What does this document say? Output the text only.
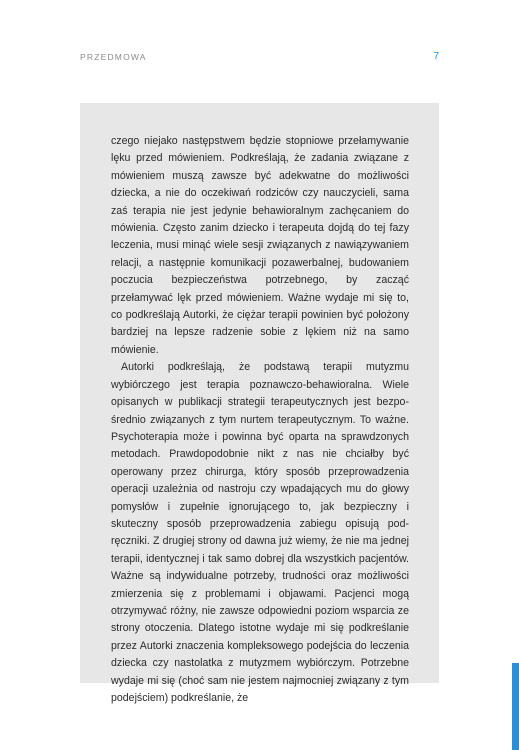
PRZEDMOWA	7

czego niejako następstwem będzie stopniowe przełamywanie lęku przed mówieniem. Podkreślają, że zadania związane z mówieniem muszą zawsze być adekwatne do możliwości dziecka, a nie do oczekiwań rodziców czy nauczycieli, sama zaś terapia nie jest jedynie behawioralnym zachęcaniem do mówienia. Często zanim dziecko i terapeuta dojdą do tej fazy leczenia, musi minąć wiele sesji związanych z nawiązywaniem relacji, a następnie komunikacji pozawerbalnej, budowaniem poczucia bezpieczeństwa potrzebnego, by zacząć przełamywać lęk przed mówieniem. Ważne wydaje mi się to, co podkreślają Autorki, że ciężar terapii powinien być położony bardziej na lepsze radzenie sobie z lękiem niż na samo mówienie.

Autorki podkreślają, że podstawą terapii mutyzmu wybiórczego jest terapia poznawczo-behawioralna. Wiele opisanych w publikacji strategii terapeutycznych jest bezpośrednio związanych z tym nurtem terapeutycznym. To ważne. Psychoterapia może i powinna być oparta na sprawdzonych metodach. Prawdopodobnie nikt z nas nie chciałby być operowany przez chirurga, który sposób przeprowadzenia operacji uzależnia od nastroju czy wpadających mu do głowy pomysłów i zupełnie ignorującego to, jak bezpieczny i skuteczny sposób przeprowadzenia zabiegu opisują podręczniki. Z drugiej strony od dawna już wiemy, że nie ma jednej terapii, identycznej i tak samo dobrej dla wszystkich pacjentów. Ważne są indywidualne potrzeby, trudności oraz możliwości zmierzenia się z problemami i objawami. Pacjenci mogą otrzymywać różny, nie zawsze odpowiedni poziom wsparcia ze strony otoczenia. Dlatego istotne wydaje mi się podkreślanie przez Autorki znaczenia kompleksowego podejścia do leczenia dziecka czy nastolatka z mutyzmem wybiórczym. Potrzebne wydaje mi się (choć sam nie jestem najmocniej związany z tym podejściem) podkreślanie, że
